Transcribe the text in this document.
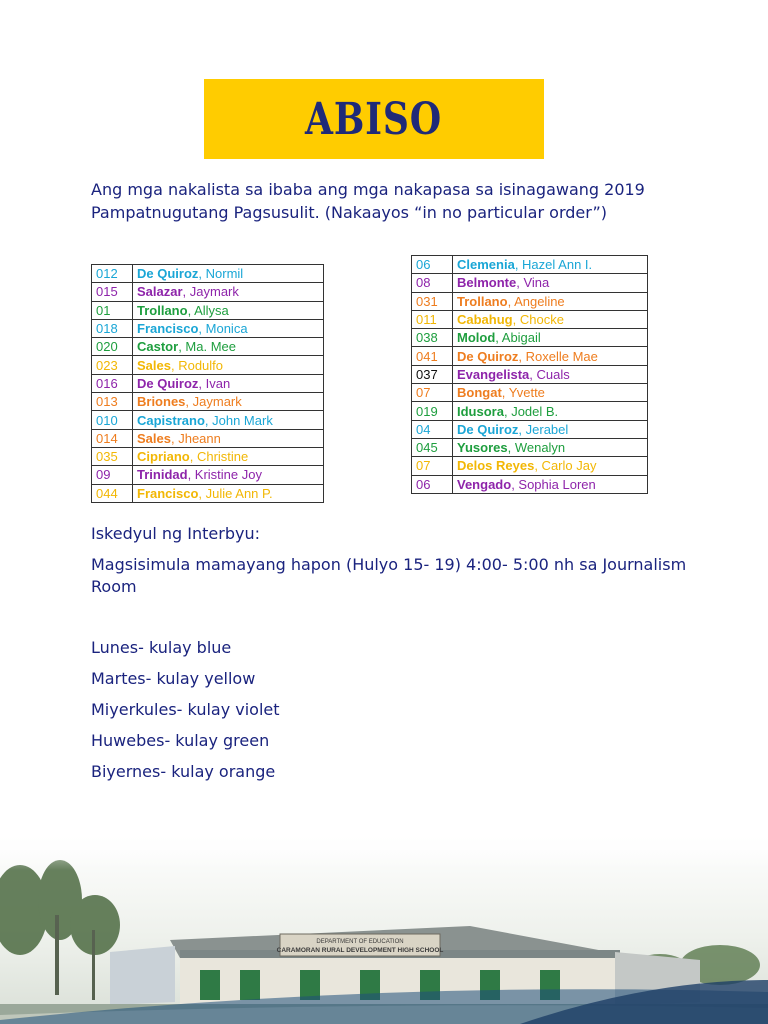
ABISO
Ang mga nakalista sa ibaba ang mga nakapasa sa isinagawang 2019 Pampatnugutang Pagsusulit. (Nakaayos “in no particular order”)
012	De Quiroz, Normil
015	Salazar, Jaymark
01	Trollano, Allysa
018	Francisco, Monica
020	Castor, Ma. Mee
023	Sales, Rodulfo
016	De Quiroz, Ivan
013	Briones, Jaymark
010	Capistrano, John Mark
014	Sales, Jheann
035	Cipriano, Christine
09	Trinidad, Kristine Joy
044	Francisco, Julie Ann P.
06	Clemenia, Hazel Ann I.
08	Belmonte, Vina
031	Trollano, Angeline
011	Cabahug, Chocke
038	Molod, Abigail
041	De Quiroz, Roxelle Mae
037	Evangelista, Cuals
07	Bongat, Yvette
019	Idusora, Jodel B.
04	De Quiroz, Jerabel
045	Yusores, Wenalyn
07	Delos Reyes, Carlo Jay
06	Vengado, Sophia Loren

Iskedyul ng Interbyu:

Magsisimula mamayang hapon (Hulyo 15- 19) 4:00- 5:00 nh sa Journalism Room

Lunes- kulay blue
Martes- kulay yellow
Miyerkules- kulay violet
Huwebes- kulay green
Biyernes- kulay orange
DEPARTMENT OF EDUCATION
CARAMORAN RURAL DEVELOPMENT HIGH SCHOOL
